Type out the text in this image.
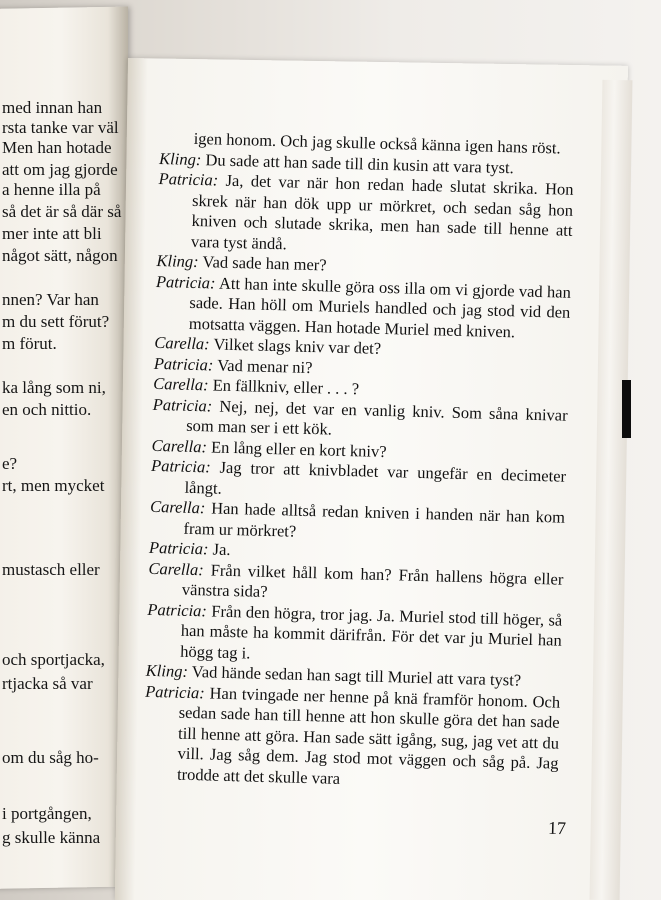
med innan han
rsta tanke var väl
Men han hotade
att om jag gjorde
a henne illa på
så det är så där så
mer inte att bli
något sätt, någon
nnen? Var han
m du sett förut?
m förut.
ka lång som ni,
en och nittio.
e?
rt, men mycket
mustasch eller
och sportjacka,
rtjacka så var
om du såg ho-
i portgången,
g skulle känna
igen honom. Och jag skulle också känna igen hans röst.
Kling: Du sade att han sade till din kusin att vara tyst.
Patricia: Ja, det var när hon redan hade slutat skrika. Hon skrek när han dök upp ur mörkret, och sedan såg hon kniven och slutade skrika, men han sade till henne att vara tyst ändå.
Kling: Vad sade han mer?
Patricia: Att han inte skulle göra oss illa om vi gjorde vad han sade. Han höll om Muriels handled och jag stod vid den motsatta väggen. Han hotade Muriel med kniven.
Carella: Vilket slags kniv var det?
Patricia: Vad menar ni?
Carella: En fällkniv, eller . . . ?
Patricia: Nej, nej, det var en vanlig kniv. Som såna knivar som man ser i ett kök.
Carella: En lång eller en kort kniv?
Patricia: Jag tror att knivbladet var ungefär en decimeter långt.
Carella: Han hade alltså redan kniven i handen när han kom fram ur mörkret?
Patricia: Ja.
Carella: Från vilket håll kom han? Från hallens högra eller vänstra sida?
Patricia: Från den högra, tror jag. Ja. Muriel stod till höger, så han måste ha kommit därifrån. För det var ju Muriel han högg tag i.
Kling: Vad hände sedan han sagt till Muriel att vara tyst?
Patricia: Han tvingade ner henne på knä framför honom. Och sedan sade han till henne att hon skulle göra det han sade till henne att göra. Han sade sätt igång, sug, jag vet att du vill. Jag såg dem. Jag stod mot väggen och såg på. Jag trodde att det skulle vara
17
